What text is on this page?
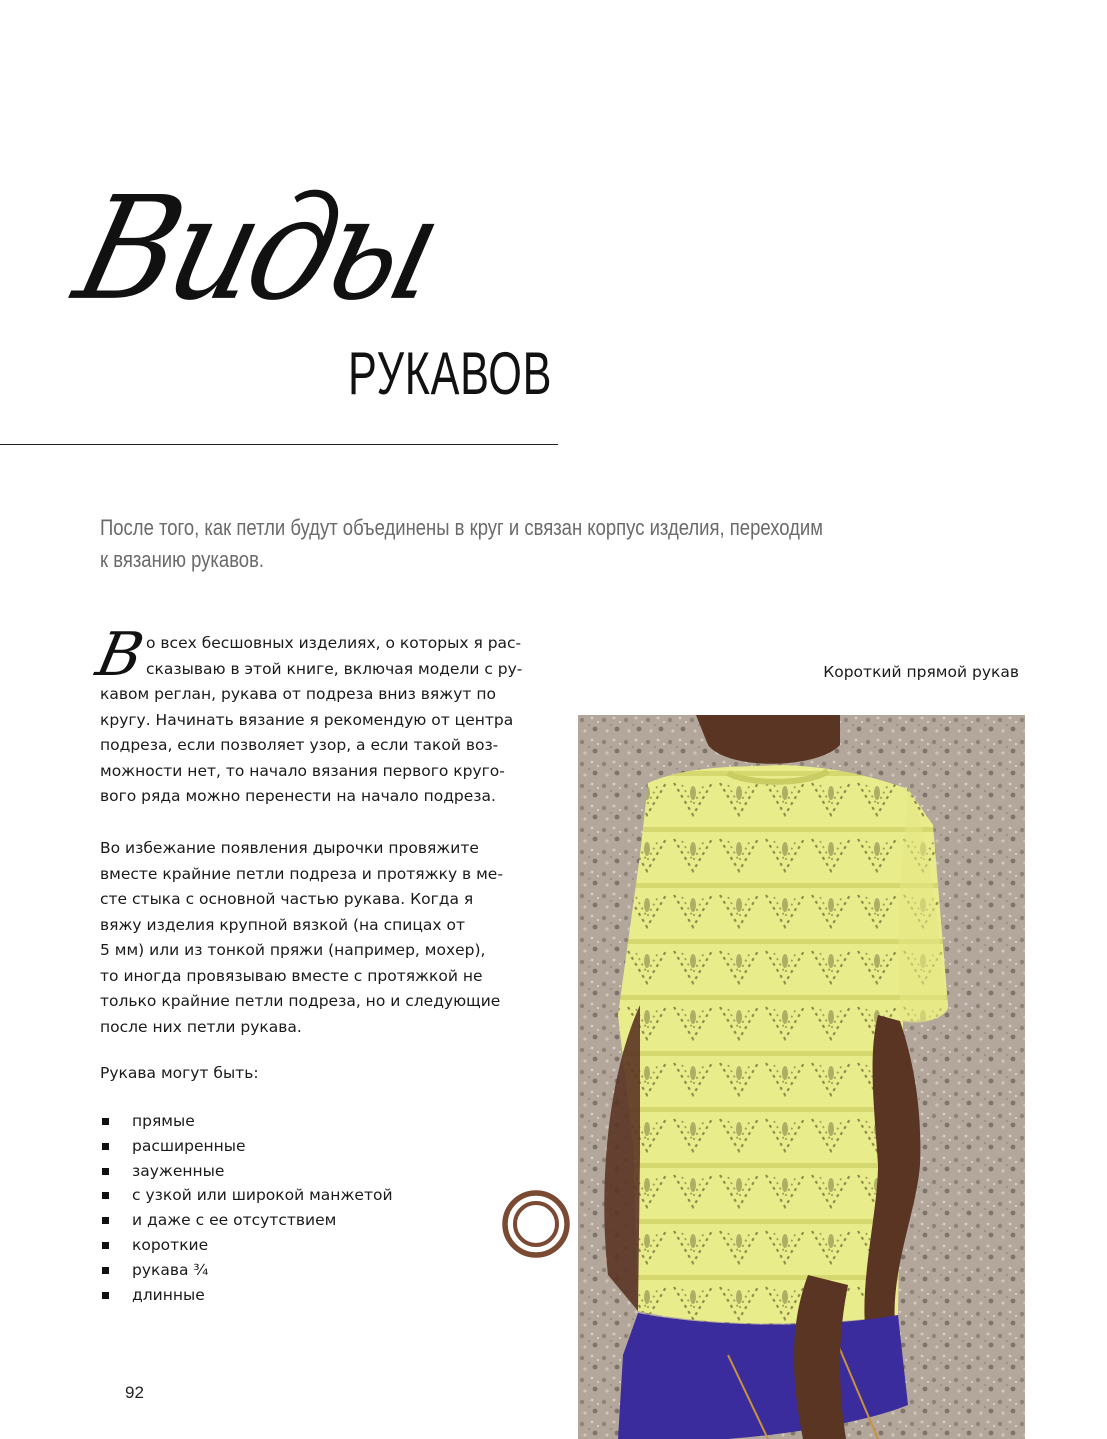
Виды
РУКАВОВ
После того, как петли будут объединены в круг и связан корпус изделия, переходим
к вязанию рукавов.
В
о всех бесшовных изделиях, о которых я рас-
сказываю в этой книге, включая модели с ру-
кавом реглан, рукава от подреза вниз вяжут по
кругу. Начинать вязание я рекомендую от центра
подреза, если позволяет узор, а если такой воз-
можности нет, то начало вязания первого круго-
вого ряда можно перенести на начало подреза.
Во избежание появления дырочки провяжите
вместе крайние петли подреза и протяжку в ме-
сте стыка с основной частью рукава. Когда я
вяжу изделия крупной вязкой (на спицах от
5 мм) или из тонкой пряжи (например, мохер),
то иногда провязываю вместе с протяжкой не
только крайние петли подреза, но и следующие
после них петли рукава.
Рукава могут быть:
прямые
расширенные
зауженные
с узкой или широкой манжетой
и даже с ее отсутствием
короткие
рукава ¾
длинные
92
Короткий прямой рукав
